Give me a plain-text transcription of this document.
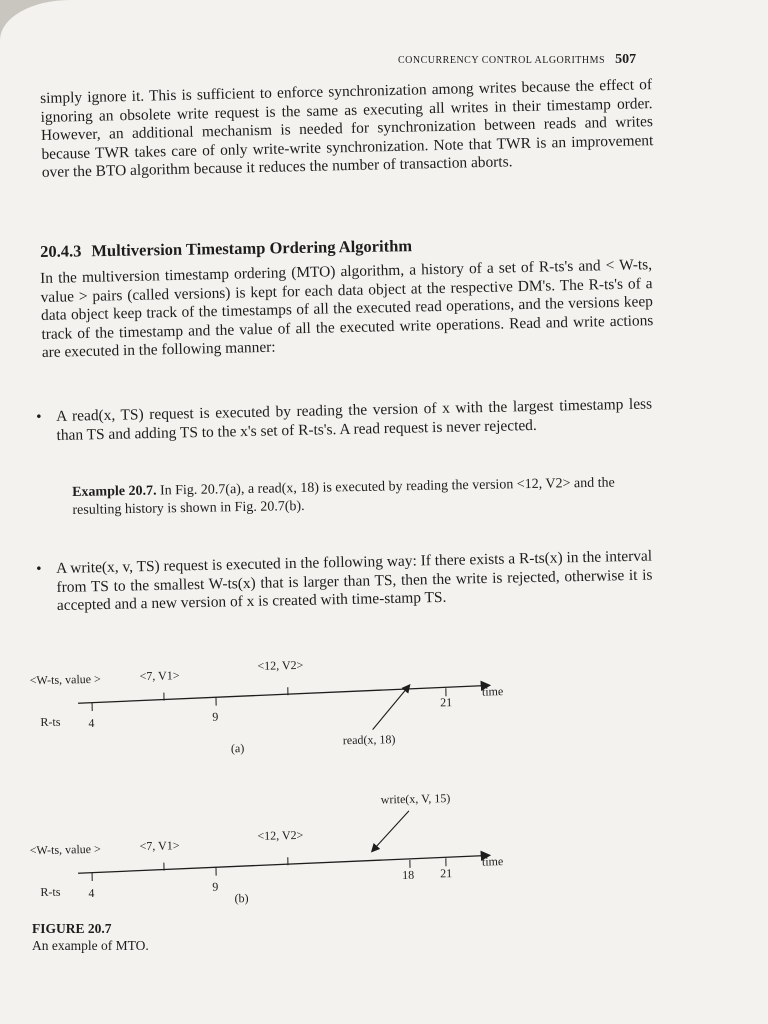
CONCURRENCY CONTROL ALGORITHMS 507

simply ignore it. This is sufficient to enforce synchronization among writes because the effect of ignoring an obsolete write request is the same as executing all writes in their timestamp order. However, an additional mechanism is needed for synchronization between reads and writes because TWR takes care of only write-write synchronization. Note that TWR is an improvement over the BTO algorithm because it reduces the number of transaction aborts.

20.4.3 Multiversion Timestamp Ordering Algorithm

In the multiversion timestamp ordering (MTO) algorithm, a history of a set of R-ts's and < W-ts, value > pairs (called versions) is kept for each data object at the respective DM's. The R-ts's of a data object keep track of the timestamps of all the executed read operations, and the versions keep track of the timestamp and the value of all the executed write operations. Read and write actions are executed in the following manner:

• A read(x, TS) request is executed by reading the version of x with the largest timestamp less than TS and adding TS to the x's set of R-ts's. A read request is never rejected.
Example 20.7. In Fig. 20.7(a), a read(x, 18) is executed by reading the version <12, V2> and the resulting history is shown in Fig. 20.7(b).
• A write(x, v, TS) request is executed in the following way: If there exists a R-ts(x) in the interval from TS to the smallest W-ts(x) that is larger than TS, then the write is rejected, otherwise it is accepted and a new version of x is created with time-stamp TS.
<W-ts, value >	<7, V1>
<12, V2>
R-ts 4	9
21
time
read(x, 18)
(a)
write(x, V, 15)
<W-ts, value >	<7, V1>
<12, V2>
R-ts 4	9
18 21
time
(b)
FIGURE 20.7
An example of MTO.
